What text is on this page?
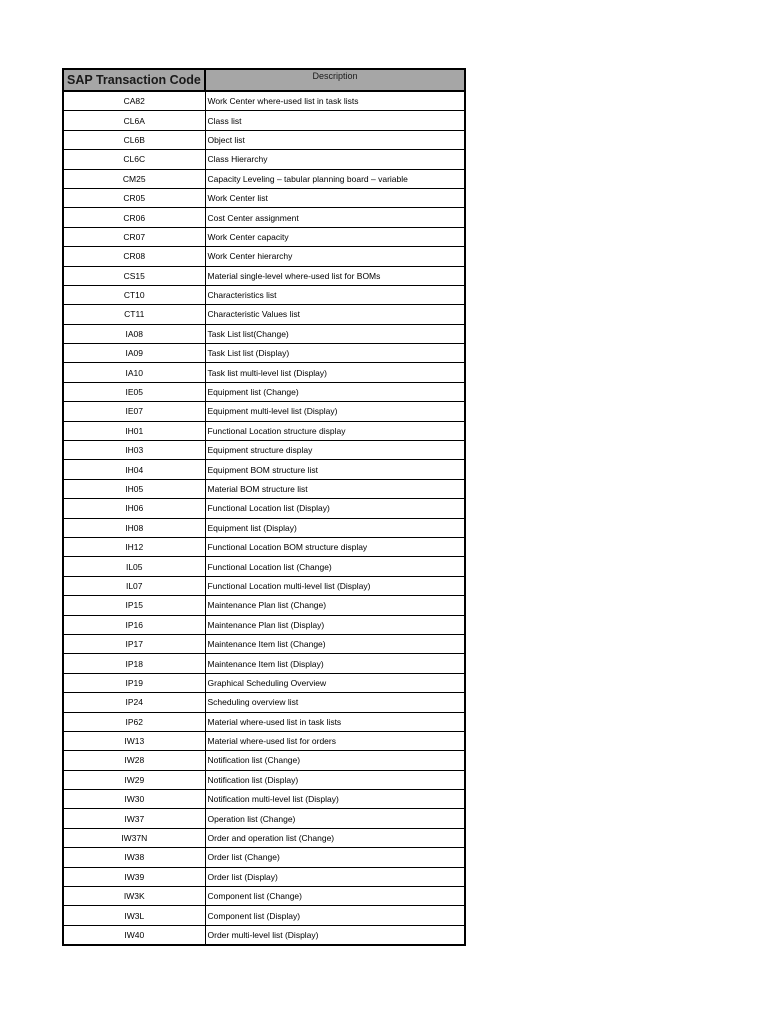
SAP Transaction Code	Description
CA82	Work Center where-used list in task lists
CL6A	Class list
CL6B	Object list
CL6C	Class Hierarchy
CM25	Capacity Leveling – tabular planning board – variable
CR05	Work Center list
CR06	Cost Center assignment
CR07	Work Center capacity
CR08	Work Center hierarchy
CS15	Material single-level where-used list for BOMs
CT10	Characteristics list
CT11	Characteristic Values list
IA08	Task List list(Change)
IA09	Task List list (Display)
IA10	Task list multi-level list (Display)
IE05	Equipment list (Change)
IE07	Equipment multi-level list (Display)
IH01	Functional Location structure display
IH03	Equipment structure display
IH04	Equipment BOM structure list
IH05	Material BOM structure list
IH06	Functional Location list (Display)
IH08	Equipment list (Display)
IH12	Functional Location BOM structure display
IL05	Functional Location list (Change)
IL07	Functional Location multi-level list (Display)
IP15	Maintenance Plan list (Change)
IP16	Maintenance Plan list (Display)
IP17	Maintenance Item list (Change)
IP18	Maintenance Item list (Display)
IP19	Graphical Scheduling Overview
IP24	Scheduling overview list
IP62	Material where-used list in task lists
IW13	Material where-used list for orders
IW28	Notification list (Change)
IW29	Notification list (Display)
IW30	Notification multi-level list (Display)
IW37	Operation list (Change)
IW37N	Order and operation list (Change)
IW38	Order list (Change)
IW39	Order list (Display)
IW3K	Component list (Change)
IW3L	Component list (Display)
IW40	Order multi-level list (Display)
